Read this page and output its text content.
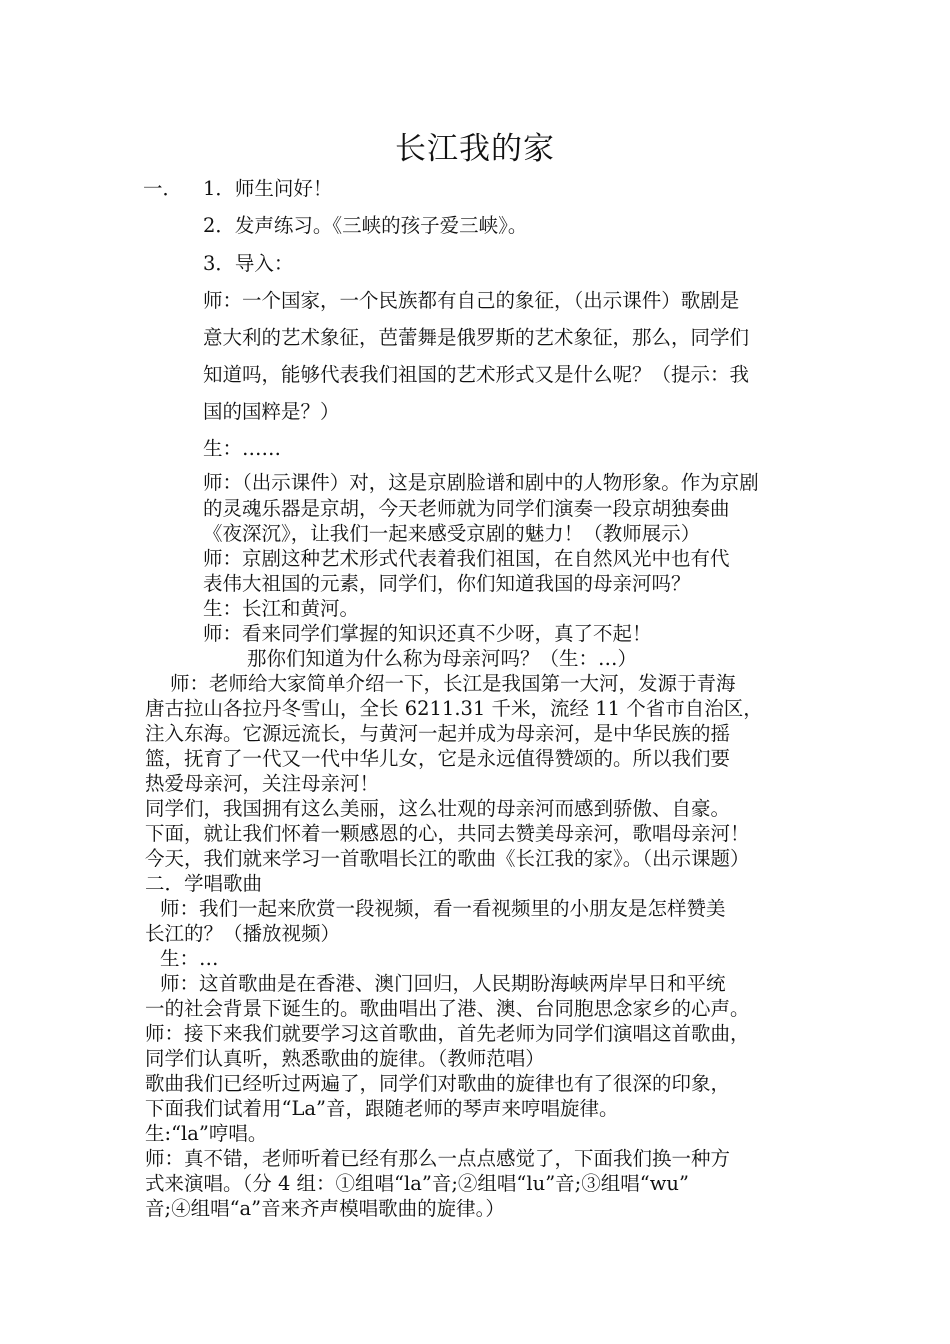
长江我的家
一． 1．师生问好！
2．发声练习。《三峡的孩子爱三峡》。
3．导入：
师：一个国家，一个民族都有自己的象征，（出示课件）歌剧是
意大利的艺术象征，芭蕾舞是俄罗斯的艺术象征，那么，同学们
知道吗，能够代表我们祖国的艺术形式又是什么呢？（提示：我
国的国粹是？）
生：……
师：（出示课件）对，这是京剧脸谱和剧中的人物形象。作为京剧
的灵魂乐器是京胡，今天老师就为同学们演奏一段京胡独奏曲
《夜深沉》，让我们一起来感受京剧的魅力！（教师展示）
师：京剧这种艺术形式代表着我们祖国，在自然风光中也有代
表伟大祖国的元素，同学们，你们知道我国的母亲河吗？
生：长江和黄河。
师：看来同学们掌握的知识还真不少呀，真了不起！
那你们知道为什么称为母亲河吗？（生：…）
师：老师给大家简单介绍一下，长江是我国第一大河，发源于青海
唐古拉山各拉丹冬雪山，全长 6211.31 千米，流经 11 个省市自治区，
注入东海。它源远流长，与黄河一起并成为母亲河，是中华民族的摇
篮，抚育了一代又一代中华儿女，它是永远值得赞颂的。所以我们要
热爱母亲河，关注母亲河！
同学们，我国拥有这么美丽，这么壮观的母亲河而感到骄傲、自豪。
下面，就让我们怀着一颗感恩的心，共同去赞美母亲河，歌唱母亲河！
今天，我们就来学习一首歌唱长江的歌曲《长江我的家》。（出示课题）
二．学唱歌曲
师：我们一起来欣赏一段视频，看一看视频里的小朋友是怎样赞美
长江的？（播放视频）
生：…
师：这首歌曲是在香港、澳门回归，人民期盼海峡两岸早日和平统
一的社会背景下诞生的。歌曲唱出了港、澳、台同胞思念家乡的心声。
师：接下来我们就要学习这首歌曲，首先老师为同学们演唱这首歌曲，
同学们认真听，熟悉歌曲的旋律。（教师范唱）
歌曲我们已经听过两遍了，同学们对歌曲的旋律也有了很深的印象，
下面我们试着用“La”音，跟随老师的琴声来哼唱旋律。
生:“la”哼唱。
师：真不错，老师听着已经有那么一点点感觉了，下面我们换一种方
式来演唱。（分 4 组：①组唱“la”音;②组唱“lu”音;③组唱“wu”
音;④组唱“a”音来齐声模唱歌曲的旋律。）
